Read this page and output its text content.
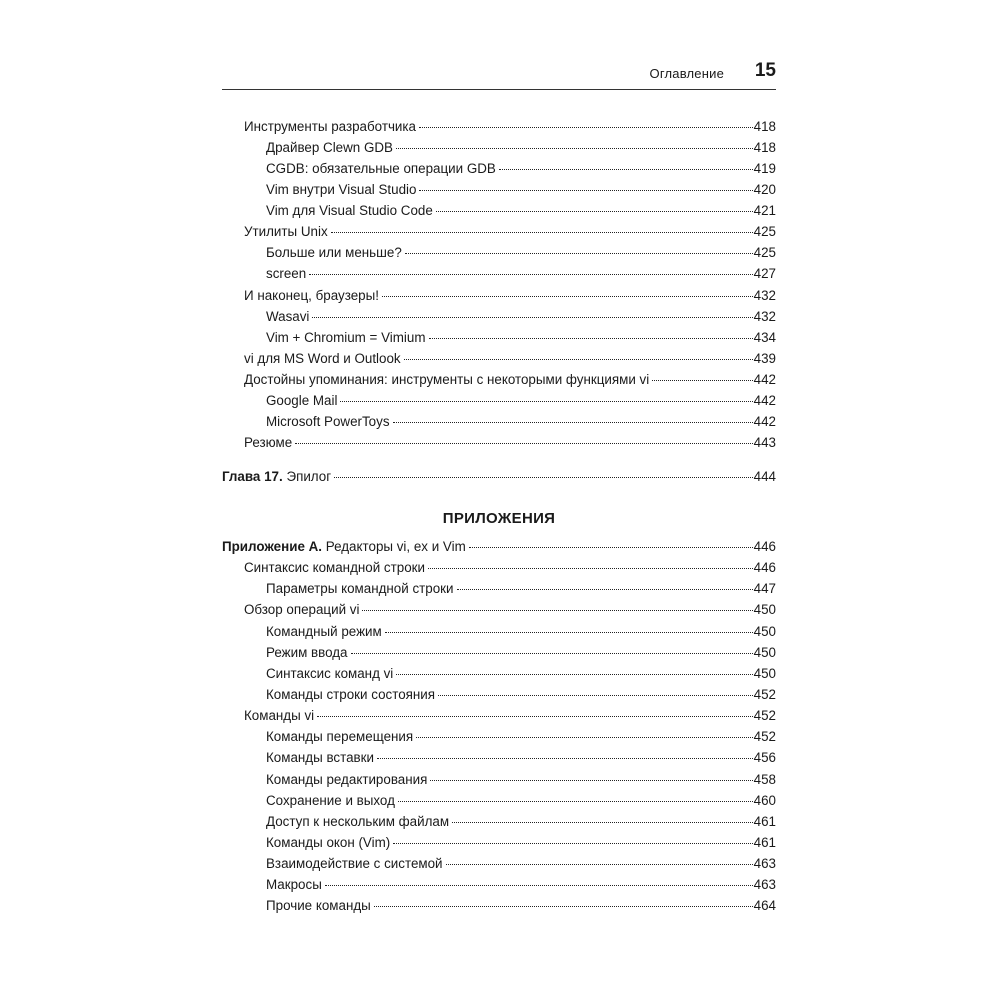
Оглавление 15
Инструменты разработчика	418
Драйвер Clewn GDB	418
CGDB: обязательные операции GDB	419
Vim внутри Visual Studio	420
Vim для Visual Studio Code	421
Утилиты Unix	425
Больше или меньше?	425
screen	427
И наконец, браузеры!	432
Wasavi	432
Vim + Chromium = Vimium	434
vi для MS Word и Outlook	439
Достойны упоминания: инструменты с некоторыми функциями vi	442
Google Mail	442
Microsoft PowerToys	442
Резюме	443
Глава 17. Эпилог	444
ПРИЛОЖЕНИЯ
Приложение A. Редакторы vi, ex и Vim	446
Синтаксис командной строки	446
Параметры командной строки	447
Обзор операций vi	450
Командный режим	450
Режим ввода	450
Синтаксис команд vi	450
Команды строки состояния	452
Команды vi	452
Команды перемещения	452
Команды вставки	456
Команды редактирования	458
Сохранение и выход	460
Доступ к нескольким файлам	461
Команды окон (Vim)	461
Взаимодействие с системой	463
Макросы	463
Прочие команды	464
